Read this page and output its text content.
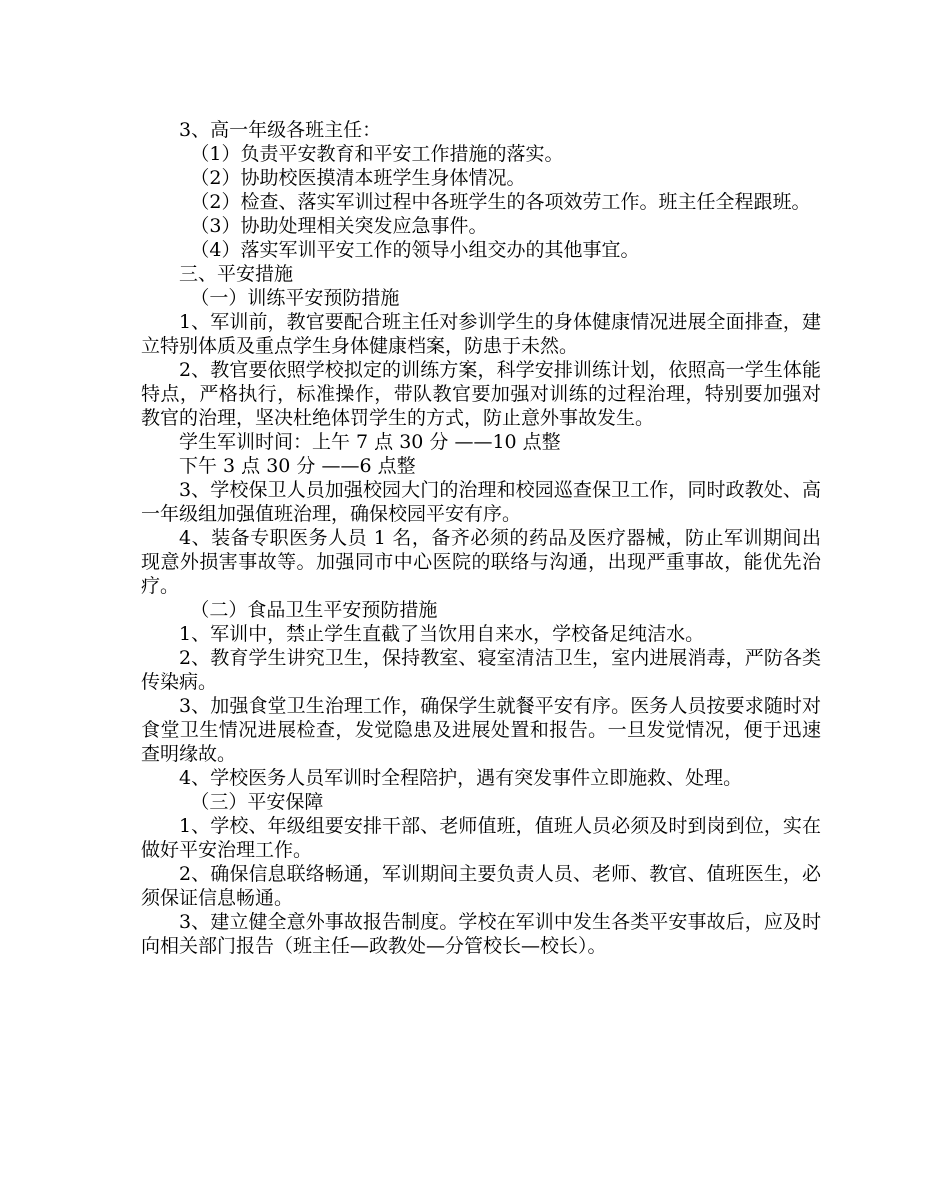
3、高一年级各班主任：

（1）负责平安教育和平安工作措施的落实。

（2）协助校医摸清本班学生身体情况。

（2）检查、落实军训过程中各班学生的各项效劳工作。班主任全程跟班。

（3）协助处理相关突发应急事件。

（4）落实军训平安工作的领导小组交办的其他事宜。

三、平安措施

（一）训练平安预防措施

1、军训前，教官要配合班主任对参训学生的身体健康情况进展全面排查，建立特别体质及重点学生身体健康档案，防患于未然。

2、教官要依照学校拟定的训练方案，科学安排训练计划，依照高一学生体能特点，严格执行，标准操作，带队教官要加强对训练的过程治理，特别要加强对教官的治理，坚决杜绝体罚学生的方式，防止意外事故发生。

学生军训时间：上午 7 点 30 分 ——10 点整

下午 3 点 30 分 ——6 点整

3、学校保卫人员加强校园大门的治理和校园巡查保卫工作，同时政教处、高一年级组加强值班治理，确保校园平安有序。

4、装备专职医务人员 1 名，备齐必须的药品及医疗器械，防止军训期间出现意外损害事故等。加强同市中心医院的联络与沟通，出现严重事故，能优先治疗。

（二）食品卫生平安预防措施

1、军训中，禁止学生直截了当饮用自来水，学校备足纯洁水。

2、教育学生讲究卫生，保持教室、寝室清洁卫生，室内进展消毒，严防各类传染病。

3、加强食堂卫生治理工作，确保学生就餐平安有序。医务人员按要求随时对食堂卫生情况进展检查，发觉隐患及进展处置和报告。一旦发觉情况，便于迅速查明缘故。

4、学校医务人员军训时全程陪护，遇有突发事件立即施救、处理。

（三）平安保障

1、学校、年级组要安排干部、老师值班，值班人员必须及时到岗到位，实在做好平安治理工作。

2、确保信息联络畅通，军训期间主要负责人员、老师、教官、值班医生，必须保证信息畅通。

3、建立健全意外事故报告制度。学校在军训中发生各类平安事故后，应及时向相关部门报告（班主任—政教处—分管校长—校长）。
